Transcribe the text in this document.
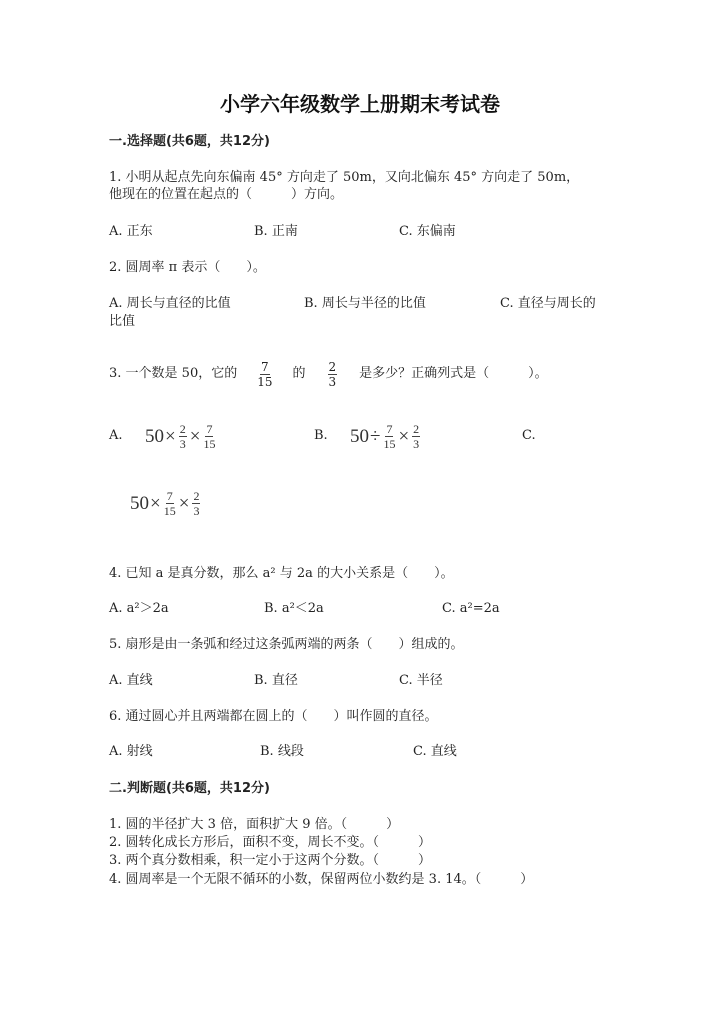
小学六年级数学上册期末考试卷
一.选择题(共6题，共12分)
1. 小明从起点先向东偏南 45° 方向走了 50m，又向北偏东 45° 方向走了 50m，
他现在的位置在起点的（　　　）方向。
A. 正东	B. 正南	C. 东偏南
2. 圆周率 π 表示（　　）。
A. 周长与直径的比值	B. 周长与半径的比值	C. 直径与周长的
比值
3. 一个数是 50，它的 $\frac{7}{15}$ 的 $\frac{2}{3}$ 是多少？正确列式是（　　　）。
A. $50 \times \frac{2}{3} \times \frac{7}{15}$	B. $50 \div \frac{7}{15} \times \frac{2}{3}$	C.
$50 \times \frac{7}{15} \times \frac{2}{3}$
4. 已知 a 是真分数，那么 a² 与 2a 的大小关系是（　　）。
A. a²＞2a	B. a²＜2a	C. a²=2a
5. 扇形是由一条弧和经过这条弧两端的两条（　　）组成的。
A. 直线	B. 直径	C. 半径
6. 通过圆心并且两端都在圆上的（　　）叫作圆的直径。
A. 射线	B. 线段	C. 直线
二.判断题(共6题，共12分)
1. 圆的半径扩大 3 倍，面积扩大 9 倍。（　　　）
2. 圆转化成长方形后，面积不变，周长不变。（　　　）
3. 两个真分数相乘，积一定小于这两个分数。（　　　）
4. 圆周率是一个无限不循环的小数，保留两位小数约是 3. 14。（　　　）
